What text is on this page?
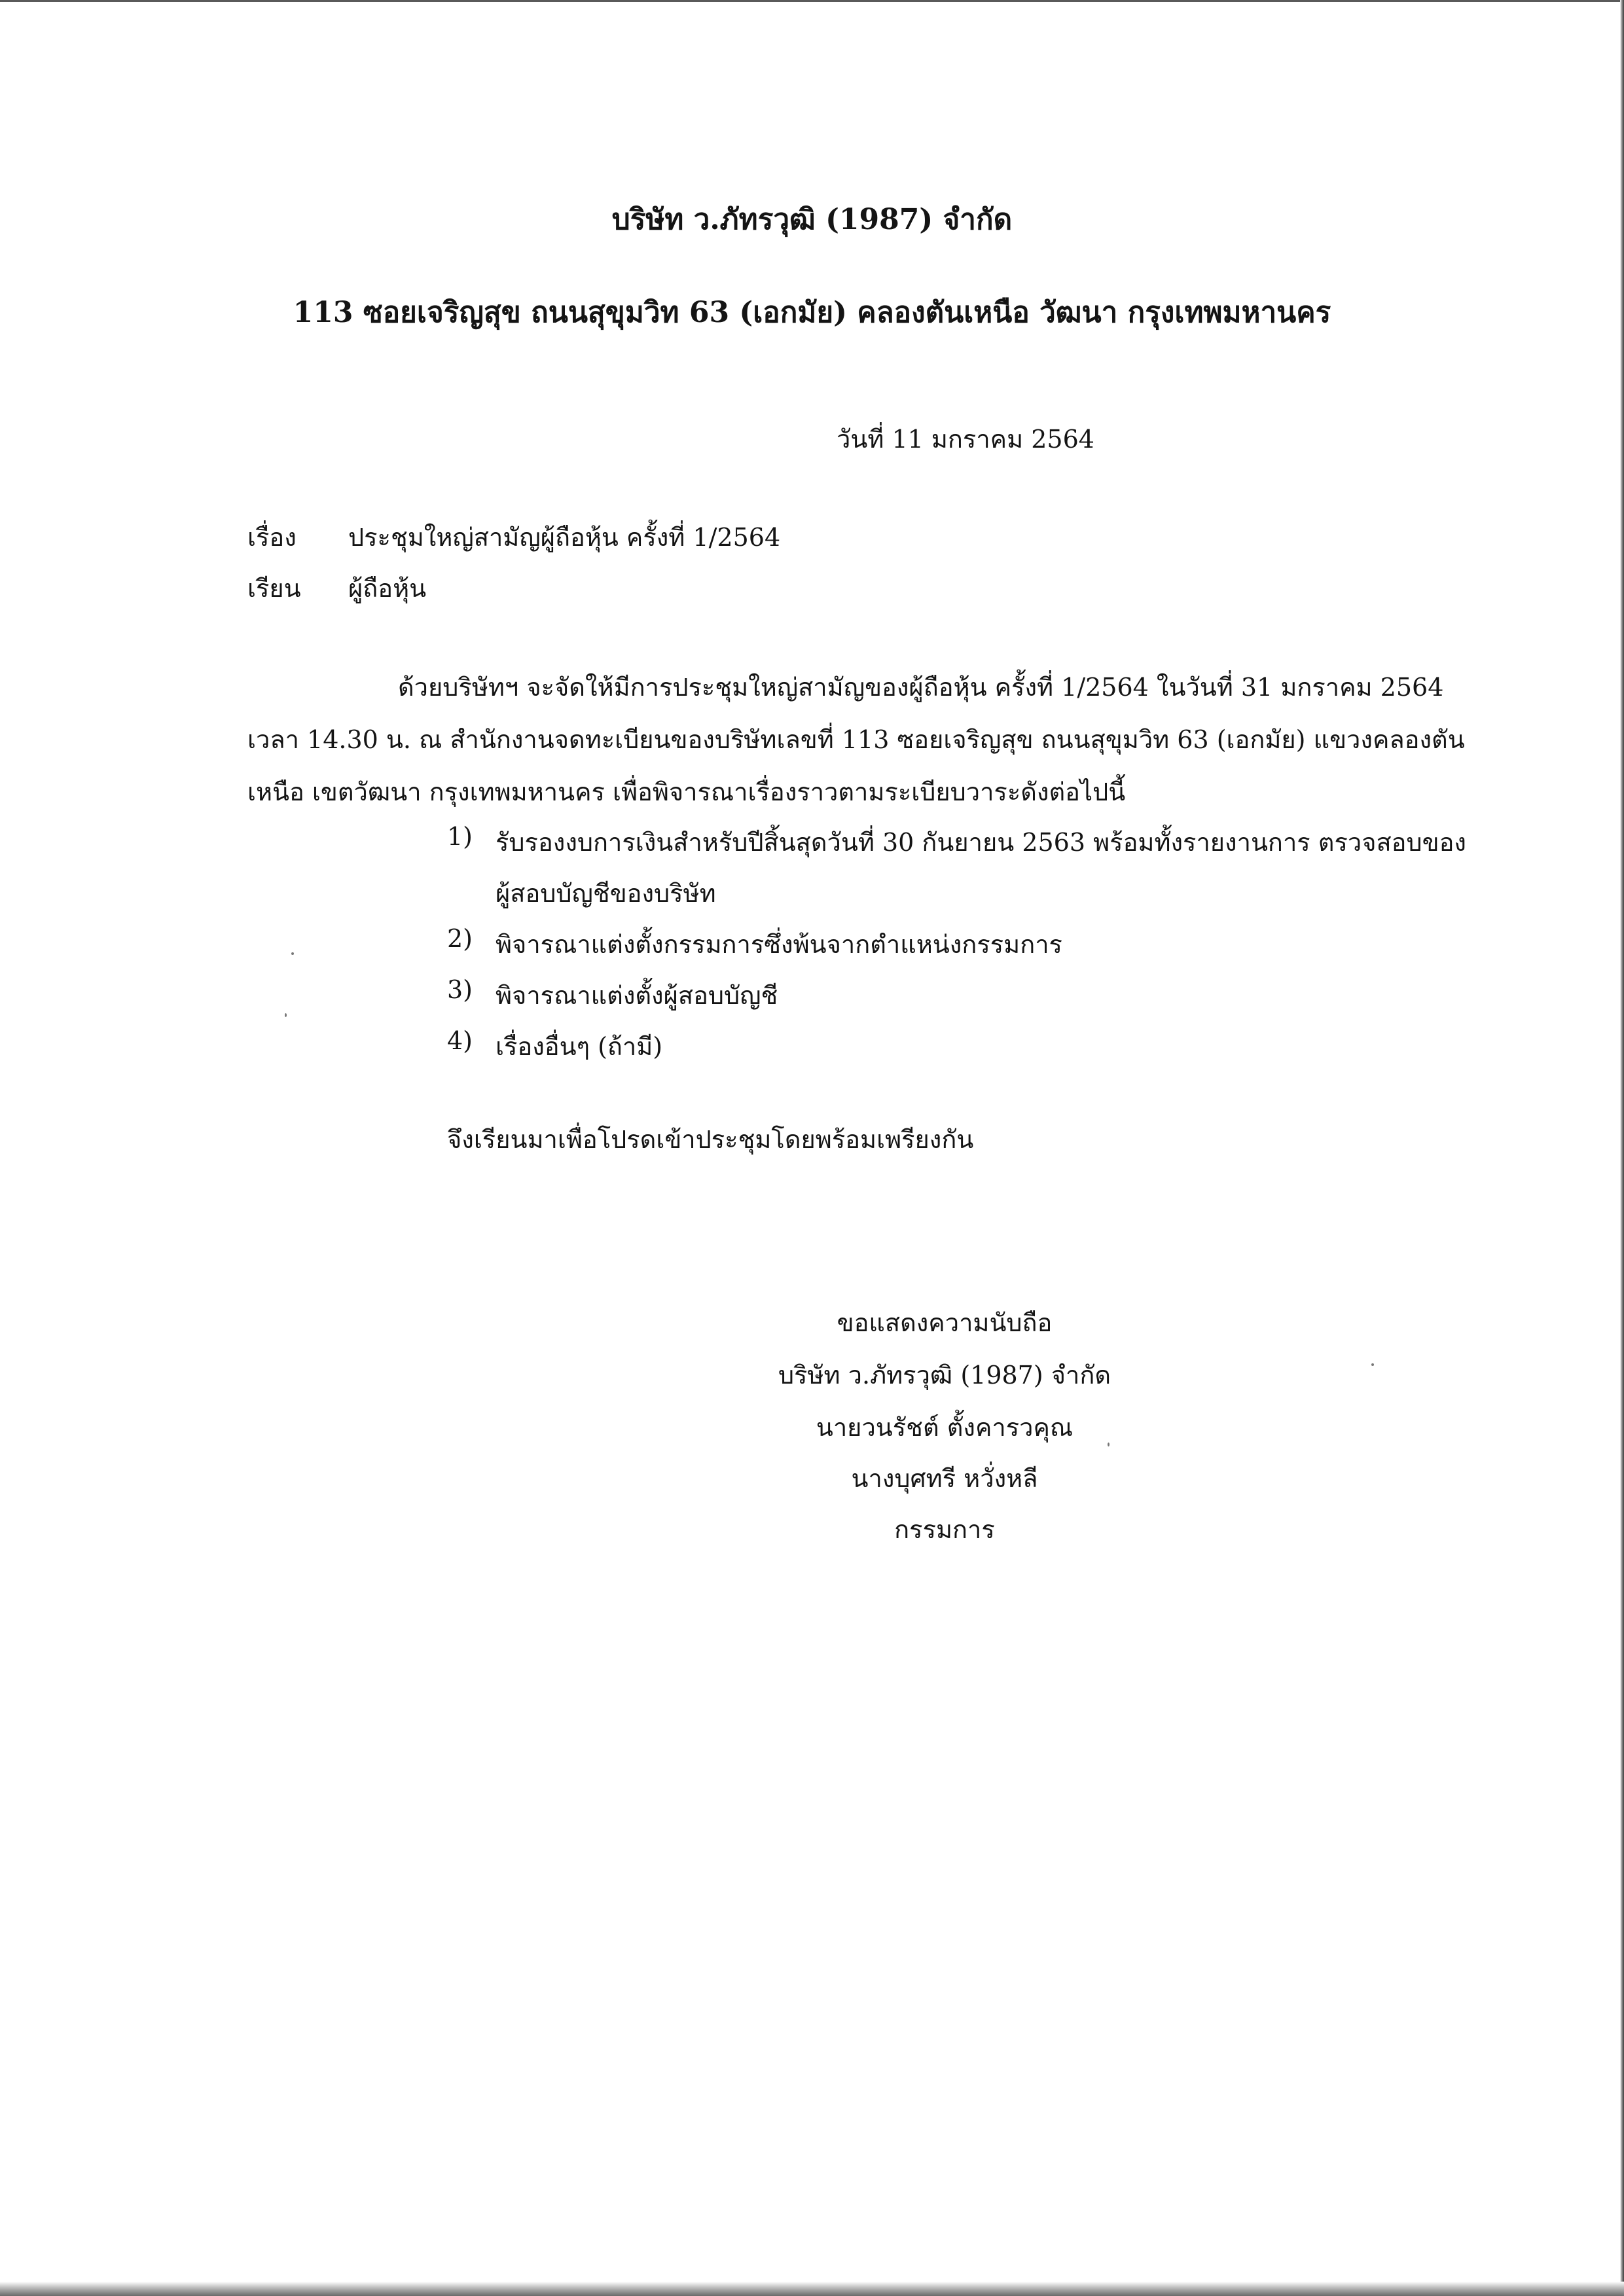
บริษัท ว.ภัทรวุฒิ (1987) จำกัด
113 ซอยเจริญสุข ถนนสุขุมวิท 63 (เอกมัย) คลองตันเหนือ วัฒนา กรุงเทพมหานคร
วันที่ 11 มกราคม 2564
เรื่อง ประชุมใหญ่สามัญผู้ถือหุ้น ครั้งที่ 1/2564
เรียน ผู้ถือหุ้น
ด้วยบริษัทฯ จะจัดให้มีการประชุมใหญ่สามัญของผู้ถือหุ้น ครั้งที่ 1/2564 ในวันที่ 31 มกราคม 2564
เวลา 14.30 น. ณ สำนักงานจดทะเบียนของบริษัทเลขที่ 113 ซอยเจริญสุข ถนนสุขุมวิท 63 (เอกมัย) แขวงคลองตัน
เหนือ เขตวัฒนา กรุงเทพมหานคร เพื่อพิจารณาเรื่องราวตามระเบียบวาระดังต่อไปนี้
1) รับรองงบการเงินสำหรับปีสิ้นสุดวันที่ 30 กันยายน 2563 พร้อมทั้งรายงานการ ตรวจสอบของ
ผู้สอบบัญชีของบริษัท
2) พิจารณาแต่งตั้งกรรมการซึ่งพ้นจากตำแหน่งกรรมการ
3) พิจารณาแต่งตั้งผู้สอบบัญชี
4) เรื่องอื่นๆ (ถ้ามี)
จึงเรียนมาเพื่อโปรดเข้าประชุมโดยพร้อมเพรียงกัน
ขอแสดงความนับถือ
บริษัท ว.ภัทรวุฒิ (1987) จำกัด
นายวนรัชต์ ตั้งคารวคุณ
นางบุศทรี หวั่งหลี
กรรมการ
